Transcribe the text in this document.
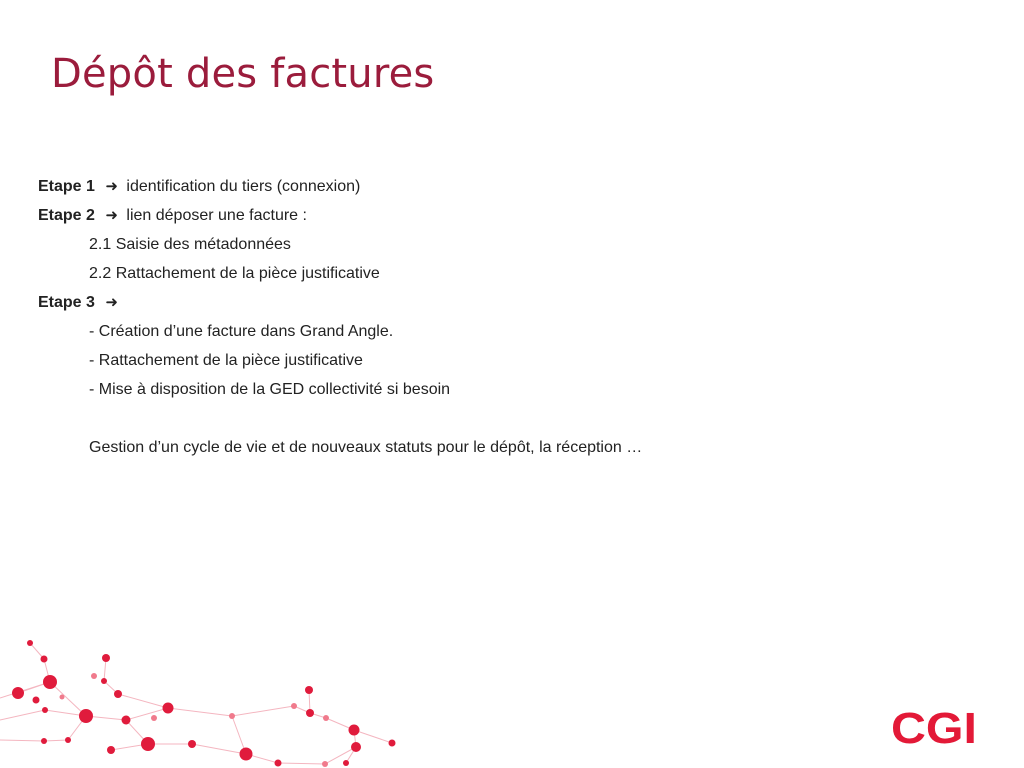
Dépôt des factures
Etape 1 ➜ identification du tiers (connexion)
Etape 2 ➜ lien déposer une facture :
2.1 Saisie des métadonnées
2.2 Rattachement de la pièce justificative
Etape 3 ➜
- Création d’une facture dans Grand Angle.
- Rattachement de la pièce justificative
- Mise à disposition de la GED collectivité si besoin
Gestion d’un cycle de vie et de nouveaux statuts pour le dépôt, la réception …
CGI
